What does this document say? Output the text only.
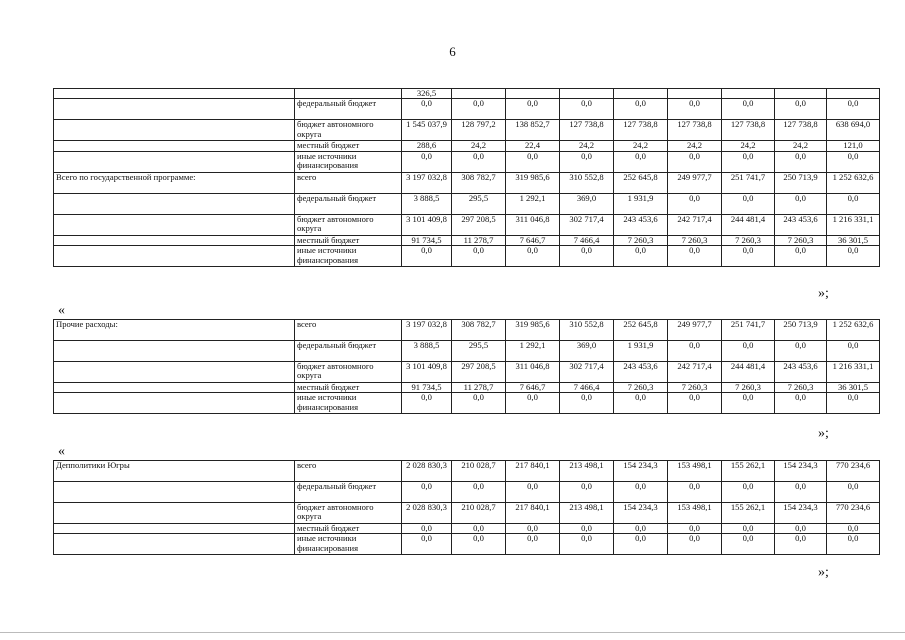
6
		326,5								
	федеральный бюджет	0,0	0,0	0,0	0,0	0,0	0,0	0,0	0,0	0,0
	бюджет автономного округа	1 545 037,9	128 797,2	138 852,7	127 738,8	127 738,8	127 738,8	127 738,8	127 738,8	638 694,0
	местный бюджет	288,6	24,2	22,4	24,2	24,2	24,2	24,2	24,2	121,0
	иные источники финансирования	0,0	0,0	0,0	0,0	0,0	0,0	0,0	0,0	0,0
Всего по государственной программе:	всего	3 197 032,8	308 782,7	319 985,6	310 552,8	252 645,8	249 977,7	251 741,7	250 713,9	1 252 632,6
	федеральный бюджет	3 888,5	295,5	1 292,1	369,0	1 931,9	0,0	0,0	0,0	0,0
	бюджет автономного округа	3 101 409,8	297 208,5	311 046,8	302 717,4	243 453,6	242 717,4	244 481,4	243 453,6	1 216 331,1
	местный бюджет	91 734,5	11 278,7	7 646,7	7 466,4	7 260,3	7 260,3	7 260,3	7 260,3	36 301,5
	иные источники финансирования	0,0	0,0	0,0	0,0	0,0	0,0	0,0	0,0	0,0
»;
«
Прочие расходы:	всего	3 197 032,8	308 782,7	319 985,6	310 552,8	252 645,8	249 977,7	251 741,7	250 713,9	1 252 632,6
	федеральный бюджет	3 888,5	295,5	1 292,1	369,0	1 931,9	0,0	0,0	0,0	0,0
	бюджет автономного округа	3 101 409,8	297 208,5	311 046,8	302 717,4	243 453,6	242 717,4	244 481,4	243 453,6	1 216 331,1
	местный бюджет	91 734,5	11 278,7	7 646,7	7 466,4	7 260,3	7 260,3	7 260,3	7 260,3	36 301,5
	иные источники финансирования	0,0	0,0	0,0	0,0	0,0	0,0	0,0	0,0	0,0
»;
«
Депполитики Югры	всего	2 028 830,3	210 028,7	217 840,1	213 498,1	154 234,3	153 498,1	155 262,1	154 234,3	770 234,6
	федеральный бюджет	0,0	0,0	0,0	0,0	0,0	0,0	0,0	0,0	0,0
	бюджет автономного округа	2 028 830,3	210 028,7	217 840,1	213 498,1	154 234,3	153 498,1	155 262,1	154 234,3	770 234,6
	местный бюджет	0,0	0,0	0,0	0,0	0,0	0,0	0,0	0,0	0,0
	иные источники финансирования	0,0	0,0	0,0	0,0	0,0	0,0	0,0	0,0	0,0
»;
